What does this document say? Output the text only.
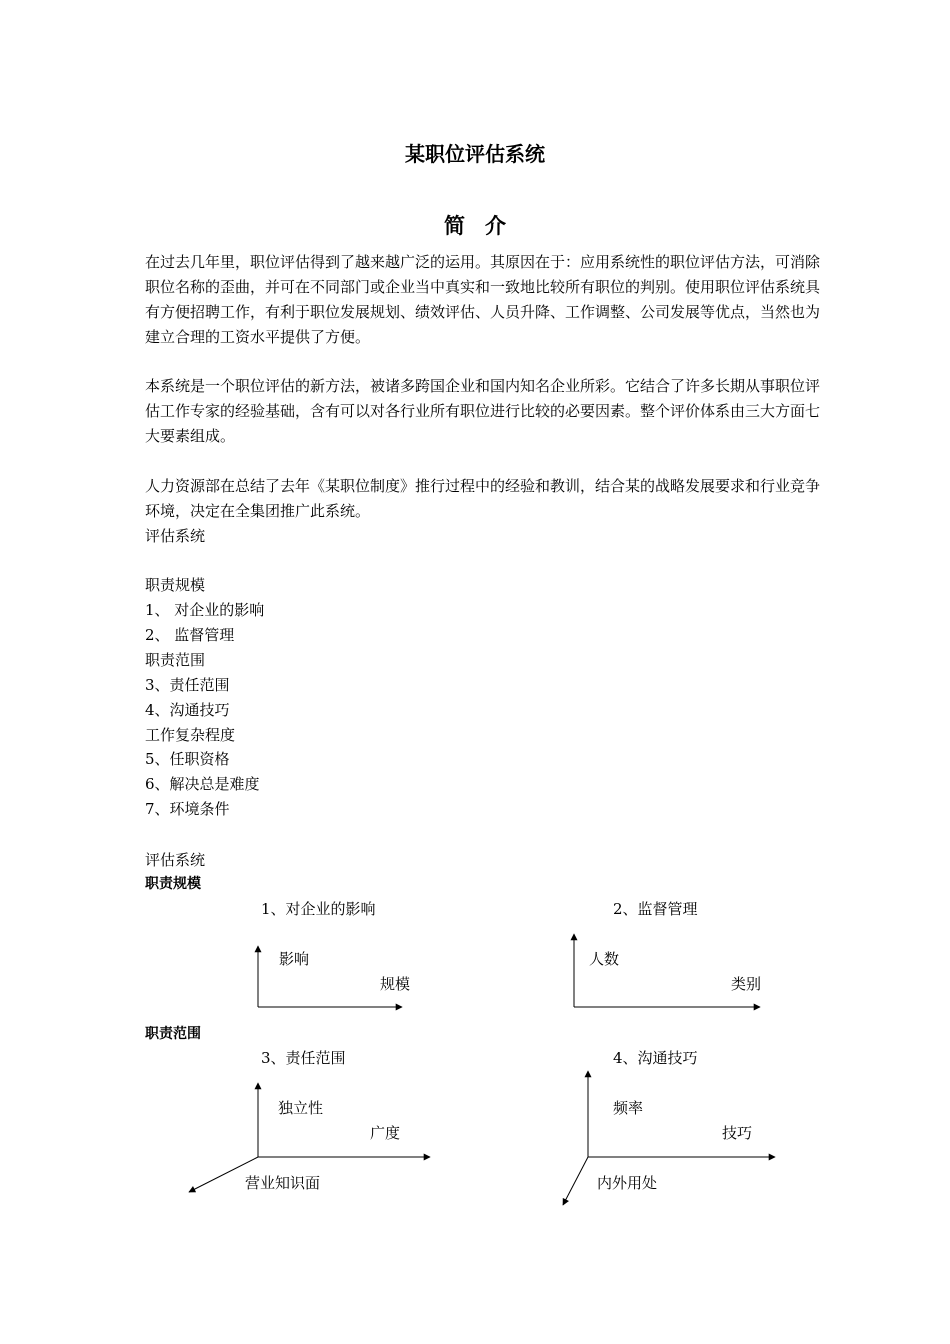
某职位评估系统
简介

在过去几年里，职位评估得到了越来越广泛的运用。其原因在于：应用系统性的职位评估方法，可消除职位名称的歪曲，并可在不同部门或企业当中真实和一致地比较所有职位的判别。使用职位评估系统具有方便招聘工作，有利于职位发展规划、绩效评估、人员升降、工作调整、公司发展等优点，当然也为建立合理的工资水平提供了方便。

本系统是一个职位评估的新方法，被诸多跨国企业和国内知名企业所彩。它结合了许多长期从事职位评估工作专家的经验基础，含有可以对各行业所有职位进行比较的必要因素。整个评价体系由三大方面七大要素组成。

人力资源部在总结了去年《某职位制度》推行过程中的经验和教训，结合某的战略发展要求和行业竞争环境，决定在全集团推广此系统。

评估系统
职责规模
1、 对企业的影响
2、 监督管理
职责范围
3、责任范围
4、沟通技巧
工作复杂程度
5、任职资格
6、解决总是难度
7、环境条件
评估系统
职责规模
1、对企业的影响
影响
规模
2、监督管理
人数
类别
职责范围
3、责任范围
独立性
广度
营业知识面
4、沟通技巧
频率
技巧
内外用处
